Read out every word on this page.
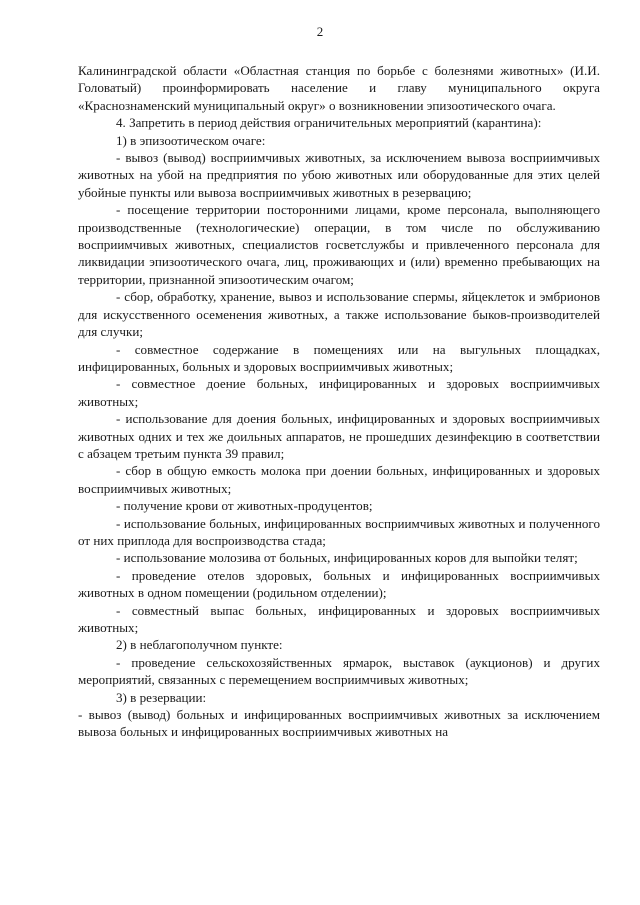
2

Калининградской области «Областная станция по борьбе с болезнями животных» (И.И. Головатый) проинформировать население и главу муниципального округа «Краснознаменский муниципальный округ» о возникновении эпизоотического очага.

4. Запретить в период действия ограничительных мероприятий (карантина):

1) в эпизоотическом очаге:

- вывоз (вывод) восприимчивых животных, за исключением вывоза восприимчивых животных на убой на предприятия по убою животных или оборудованные для этих целей убойные пункты или вывоза восприимчивых животных в резервацию;

- посещение территории посторонними лицами, кроме персонала, выполняющего производственные (технологические) операции, в том числе по обслуживанию восприимчивых животных, специалистов госветслужбы и привлеченного персонала для ликвидации эпизоотического очага, лиц, проживающих и (или) временно пребывающих на территории, признанной эпизоотическим очагом;

- сбор, обработку, хранение, вывоз и использование спермы, яйцеклеток и эмбрионов для искусственного осеменения животных, а также использование быков-производителей для случки;

- совместное содержание в помещениях или на выгульных площадках, инфицированных, больных и здоровых восприимчивых животных;

- совместное доение больных, инфицированных и здоровых восприимчивых животных;

- использование для доения больных, инфицированных и здоровых восприимчивых животных одних и тех же доильных аппаратов, не прошедших дезинфекцию в соответствии с абзацем третьим пункта 39 правил;

- сбор в общую емкость молока при доении больных, инфицированных и здоровых восприимчивых животных;

- получение крови от животных-продуцентов;

- использование больных, инфицированных восприимчивых животных и полученного от них приплода для воспроизводства стада;

- использование молозива от больных, инфицированных коров для выпойки телят;

- проведение отелов здоровых, больных и инфицированных восприимчивых животных в одном помещении (родильном отделении);

- совместный выпас больных, инфицированных и здоровых восприимчивых животных;

2) в неблагополучном пункте:

- проведение сельскохозяйственных ярмарок, выставок (аукционов) и других мероприятий, связанных с перемещением восприимчивых животных;

3) в резервации:

- вывоз (вывод) больных и инфицированных восприимчивых животных за исключением вывоза больных и инфицированных восприимчивых животных на
